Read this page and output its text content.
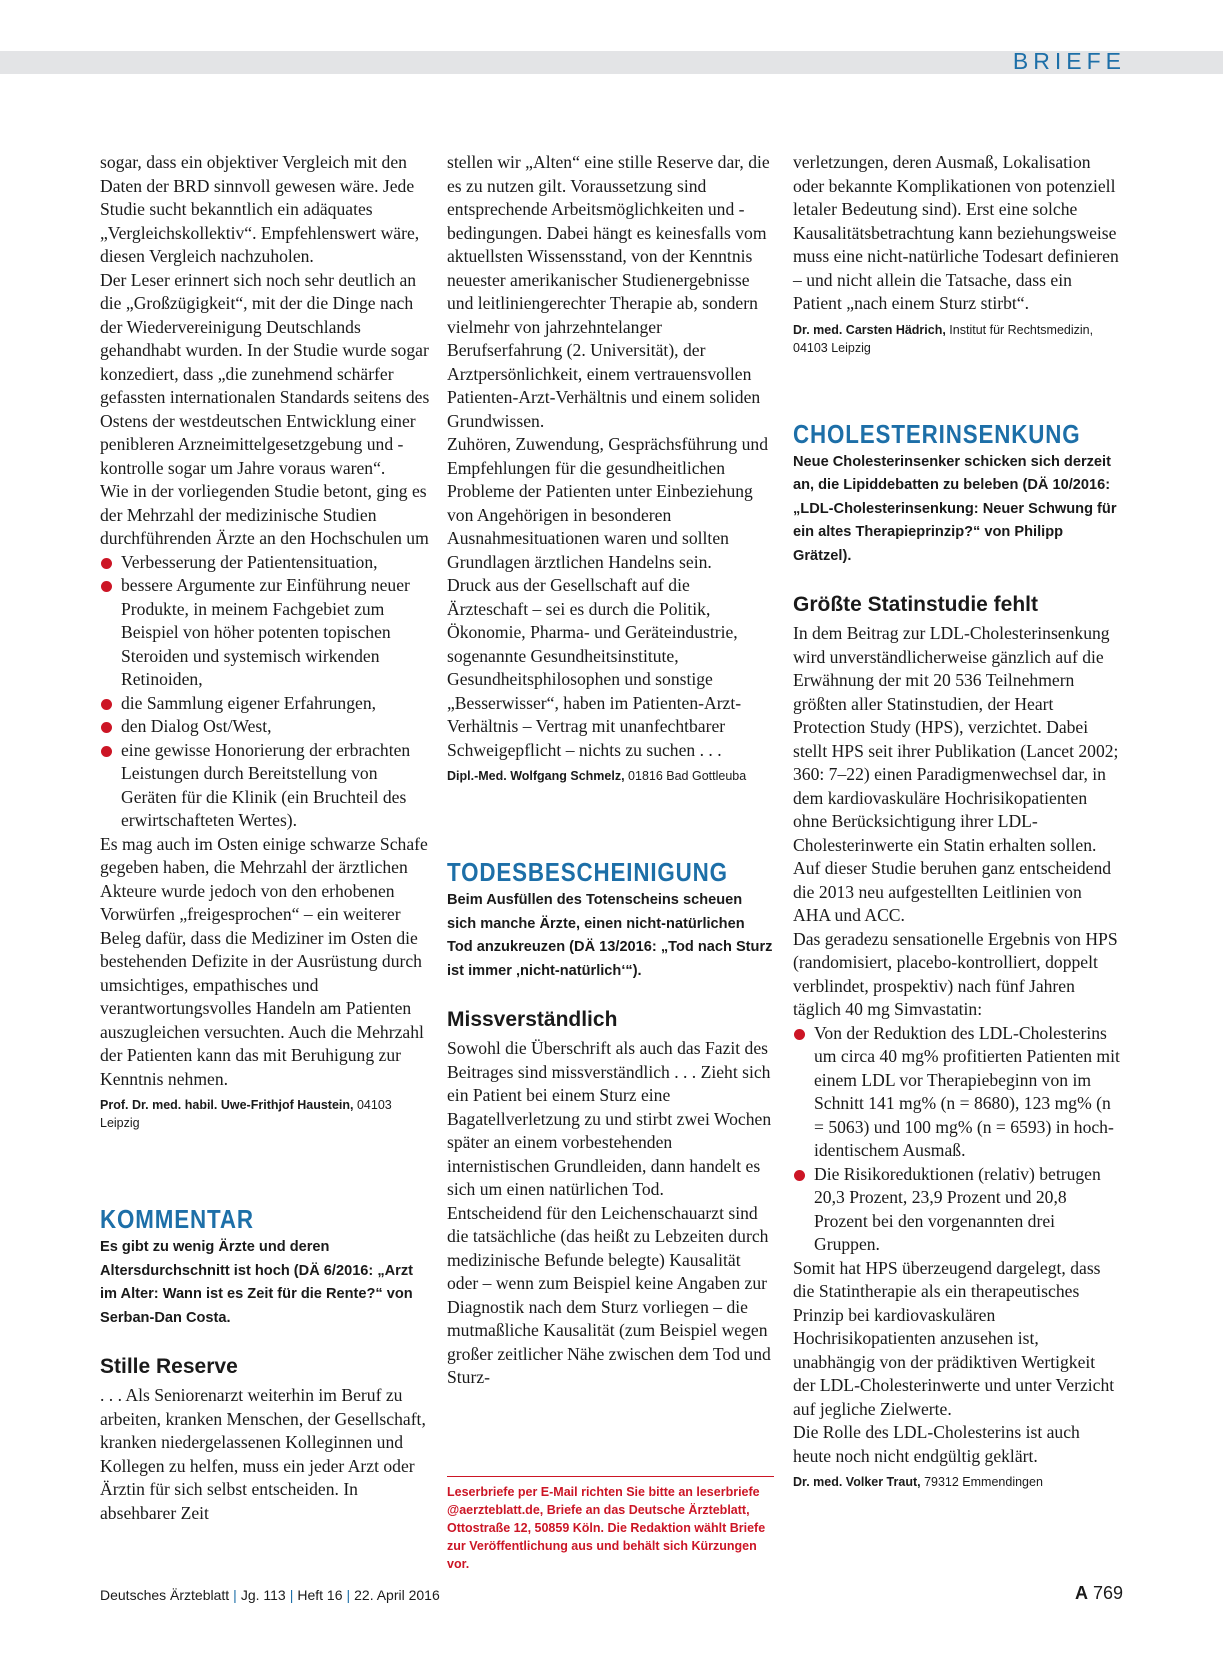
BRIEFE

sogar, dass ein objektiver Vergleich mit den Daten der BRD sinnvoll gewesen wäre. Jede Studie sucht bekanntlich ein adäquates „Vergleichskollektiv“. Empfehlenswert wäre, diesen Vergleich nachzuholen.

Der Leser erinnert sich noch sehr deutlich an die „Großzügigkeit“, mit der die Dinge nach der Wiedervereinigung Deutschlands gehandhabt wurden. In der Studie wurde sogar konzediert, dass „die zunehmend schärfer gefassten internationalen Standards seitens des Ostens der westdeutschen Entwicklung einer penibleren Arzneimittelgesetzgebung und -kontrolle sogar um Jahre voraus waren“.

Wie in der vorliegenden Studie betont, ging es der Mehrzahl der medizinische Studien durchführenden Ärzte an den Hochschulen um

Verbesserung der Patientensituation,
bessere Argumente zur Einführung neuer Produkte, in meinem Fachgebiet zum Beispiel von höher potenten topischen Steroiden und systemisch wirkenden Retinoiden,
die Sammlung eigener Erfahrungen,
den Dialog Ost/West,
eine gewisse Honorierung der erbrachten Leistungen durch Bereitstellung von Geräten für die Klinik (ein Bruchteil des erwirtschafteten Wertes).

Es mag auch im Osten einige schwarze Schafe gegeben haben, die Mehrzahl der ärztlichen Akteure wurde jedoch von den erhobenen Vorwürfen „freigesprochen“ – ein weiterer Beleg dafür, dass die Mediziner im Osten die bestehenden Defizite in der Ausrüstung durch umsichtiges, empathisches und verantwortungsvolles Handeln am Patienten auszugleichen versuchten. Auch die Mehrzahl der Patienten kann das mit Beruhigung zur Kenntnis nehmen.

Prof. Dr. med. habil. Uwe-Frithjof Haustein, 04103 Leipzig

KOMMENTAR

Es gibt zu wenig Ärzte und deren Altersdurchschnitt ist hoch (DÄ 6/2016: „Arzt im Alter: Wann ist es Zeit für die Rente?“ von Serban-Dan Costa.

Stille Reserve

. . . Als Seniorenarzt weiterhin im Beruf zu arbeiten, kranken Menschen, der Gesellschaft, kranken niedergelassenen Kolleginnen und Kollegen zu helfen, muss ein jeder Arzt oder Ärztin für sich selbst entscheiden. In absehbarer Zeit

stellen wir „Alten“ eine stille Reserve dar, die es zu nutzen gilt. Voraussetzung sind entsprechende Arbeitsmöglichkeiten und -bedingungen. Dabei hängt es keinesfalls vom aktuellsten Wissensstand, von der Kenntnis neuester amerikanischer Studienergebnisse und leitliniengerechter Therapie ab, sondern vielmehr von jahrzehntelanger Berufserfahrung (2. Universität), der Arztpersönlichkeit, einem vertrauensvollen Patienten-Arzt-Verhältnis und einem soliden Grundwissen.

Zuhören, Zuwendung, Gesprächsführung und Empfehlungen für die gesundheitlichen Probleme der Patienten unter Einbeziehung von Angehörigen in besonderen Ausnahmesituationen waren und sollten Grundlagen ärztlichen Handelns sein.

Druck aus der Gesellschaft auf die Ärzteschaft – sei es durch die Politik, Ökonomie, Pharma- und Geräteindustrie, sogenannte Gesundheitsinstitute, Gesundheitsphilosophen und sonstige „Besserwisser“, haben im Patienten-Arzt-Verhältnis – Vertrag mit unanfechtbarer Schweigepflicht – nichts zu suchen . . .

Dipl.-Med. Wolfgang Schmelz, 01816 Bad Gottleuba

TODESBESCHEINIGUNG

Beim Ausfüllen des Totenscheins scheuen sich manche Ärzte, einen nicht-natürlichen Tod anzukreuzen (DÄ 13/2016: „Tod nach Sturz ist immer ‚nicht-natürlich‘“).

Missverständlich

Sowohl die Überschrift als auch das Fazit des Beitrages sind missverständlich . . . Zieht sich ein Patient bei einem Sturz eine Bagatellverletzung zu und stirbt zwei Wochen später an einem vorbestehenden internistischen Grundleiden, dann handelt es sich um einen natürlichen Tod.

Entscheidend für den Leichenschauarzt sind die tatsächliche (das heißt zu Lebzeiten durch medizinische Befunde belegte) Kausalität oder – wenn zum Beispiel keine Angaben zur Diagnostik nach dem Sturz vorliegen – die mutmaßliche Kausalität (zum Beispiel wegen großer zeitlicher Nähe zwischen dem Tod und Sturz-

Leserbriefe per E-Mail richten Sie bitte an leserbriefe @aerzteblatt.de, Briefe an das Deutsche Ärzteblatt, Ottostraße 12, 50859 Köln. Die Redaktion wählt Briefe zur Veröffentlichung aus und behält sich Kürzungen vor.

verletzungen, deren Ausmaß, Lokalisation oder bekannte Komplikationen von potenziell letaler Bedeutung sind). Erst eine solche Kausalitätsbetrachtung kann beziehungsweise muss eine nicht-natürliche Todesart definieren – und nicht allein die Tatsache, dass ein Patient „nach einem Sturz stirbt“.

Dr. med. Carsten Hädrich, Institut für Rechtsmedizin, 04103 Leipzig

CHOLESTERINSENKUNG

Neue Cholesterinsenker schicken sich derzeit an, die Lipiddebatten zu beleben (DÄ 10/2016: „LDL-Cholesterinsenkung: Neuer Schwung für ein altes Therapieprinzip?“ von Philipp Grätzel).

Größte Statinstudie fehlt

In dem Beitrag zur LDL-Cholesterinsenkung wird unverständlicherweise gänzlich auf die Erwähnung der mit 20 536 Teilnehmern größten aller Statinstudien, der Heart Protection Study (HPS), verzichtet. Dabei stellt HPS seit ihrer Publikation (Lancet 2002; 360: 7–22) einen Paradigmenwechsel dar, in dem kardiovaskuläre Hochrisikopatienten ohne Berücksichtigung ihrer LDL-Cholesterinwerte ein Statin erhalten sollen.

Auf dieser Studie beruhen ganz entscheidend die 2013 neu aufgestellten Leitlinien von AHA und ACC.

Das geradezu sensationelle Ergebnis von HPS (randomisiert, placebo-kontrolliert, doppelt verblindet, prospektiv) nach fünf Jahren täglich 40 mg Simvastatin:

Von der Reduktion des LDL-Cholesterins um circa 40 mg% profitierten Patienten mit einem LDL vor Therapiebeginn von im Schnitt 141 mg% (n = 8680), 123 mg% (n = 5063) und 100 mg% (n = 6593) in hoch-identischem Ausmaß.
Die Risikoreduktionen (relativ) betrugen 20,3 Prozent, 23,9 Prozent und 20,8 Prozent bei den vorgenannten drei Gruppen.

Somit hat HPS überzeugend dargelegt, dass die Statintherapie als ein therapeutisches Prinzip bei kardiovaskulären Hochrisikopatienten anzusehen ist, unabhängig von der prädiktiven Wertigkeit der LDL-Cholesterinwerte und unter Verzicht auf jegliche Zielwerte.

Die Rolle des LDL-Cholesterins ist auch heute noch nicht endgültig geklärt.

Dr. med. Volker Traut, 79312 Emmendingen

Deutsches Ärzteblatt | Jg. 113 | Heft 16 | 22. April 2016	A 769
